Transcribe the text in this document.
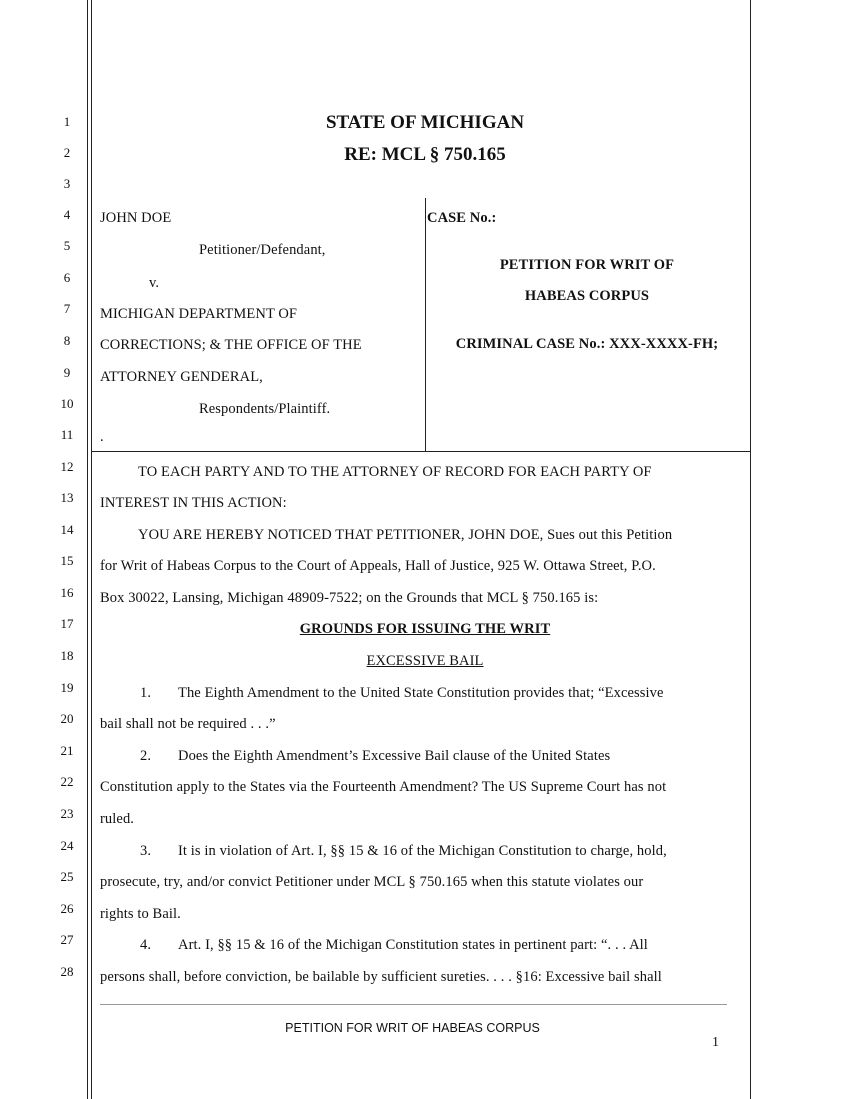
1
2
3
4
5
6
7
8
9
10
11
12
13
14
15
16
17
18
19
20
21
22
23
24
25
26
27
28
STATE OF MICHIGAN
RE: MCL § 750.165
JOHN DOE
Petitioner/Defendant,
v.
MICHIGAN DEPARTMENT OF
CORRECTIONS; & THE OFFICE OF THE
ATTORNEY GENDERAL,
Respondents/Plaintiff.
.
CASE No.:
PETITION FOR WRIT OF
HABEAS CORPUS
CRIMINAL CASE No.: XXX-XXXX-FH;
TO EACH PARTY AND TO THE ATTORNEY OF RECORD FOR EACH PARTY OF
INTEREST IN THIS ACTION:
YOU ARE HEREBY NOTICED THAT PETITIONER, JOHN DOE, Sues out this Petition
for Writ of Habeas Corpus to the Court of Appeals, Hall of Justice, 925 W. Ottawa Street, P.O.
Box 30022, Lansing, Michigan 48909-7522; on the Grounds that MCL § 750.165 is:
GROUNDS FOR ISSUING THE WRIT
EXCESSIVE BAIL
1. The Eighth Amendment to the United State Constitution provides that; “Excessive
bail shall not be required . . .”
2. Does the Eighth Amendment’s Excessive Bail clause of the United States
Constitution apply to the States via the Fourteenth Amendment? The US Supreme Court has not
ruled.
3. It is in violation of Art. I, §§ 15 & 16 of the Michigan Constitution to charge, hold,
prosecute, try, and/or convict Petitioner under MCL § 750.165 when this statute violates our
rights to Bail.
4. Art. I, §§ 15 & 16 of the Michigan Constitution states in pertinent part: “. . . All
persons shall, before conviction, be bailable by sufficient sureties. . . . §16: Excessive bail shall
PETITION FOR WRIT OF HABEAS CORPUS
1
